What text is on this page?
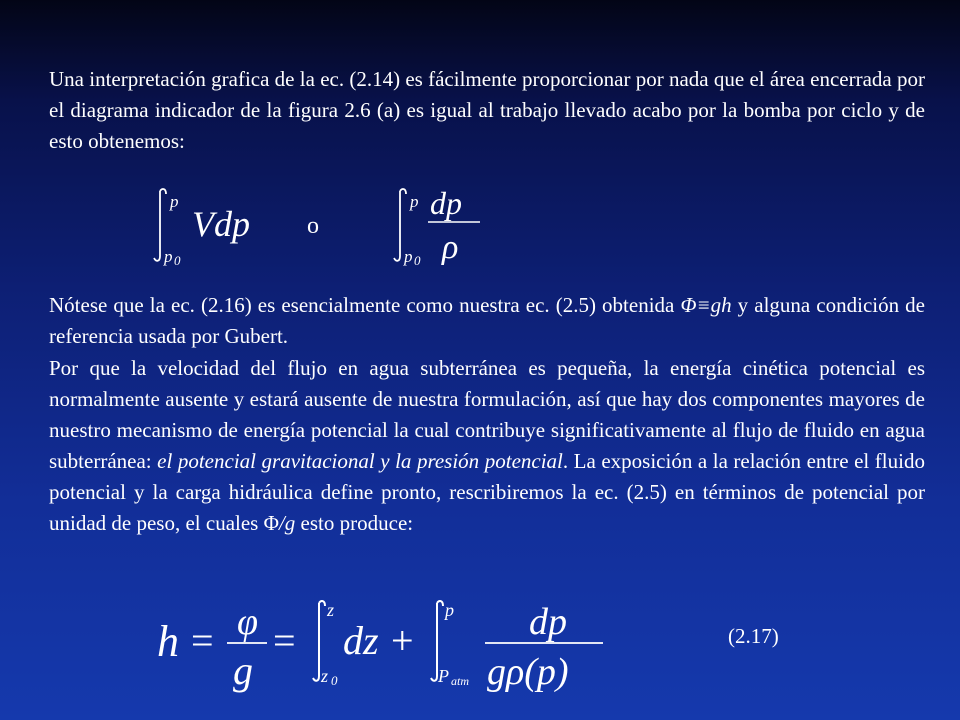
Una interpretación grafica de la ec. (2.14) es fácilmente proporcionar por nada que el área encerrada por el diagrama indicador de la figura 2.6 (a) es igual al trabajo llevado acabo por la bomba por ciclo y de esto obtenemos:

p
p 0
Vdp o
p
p 0
dp
ρ

Nótese que la ec. (2.16) es esencialmente como nuestra ec. (2.5) obtenida Φ≡gh y alguna condición de referencia usada por Gubert.

Por que la velocidad del flujo en agua subterránea es pequeña, la energía cinética potencial es normalmente ausente y estará ausente de nuestra formulación, así que hay dos componentes mayores de nuestro mecanismo de energía potencial la cual contribuye significativamente al flujo de fluido en agua subterránea: el potencial gravitacional y la presión potencial. La exposición a la relación entre el fluido potencial y la carga hidráulica define pronto, rescribiremos la ec. (2.5) en términos de potencial por unidad de peso, el cuales Φ/g esto produce:

h = φ
g
=
z
z 0
dz +
p
P atm
dp
gρ(p)
(2.17)
